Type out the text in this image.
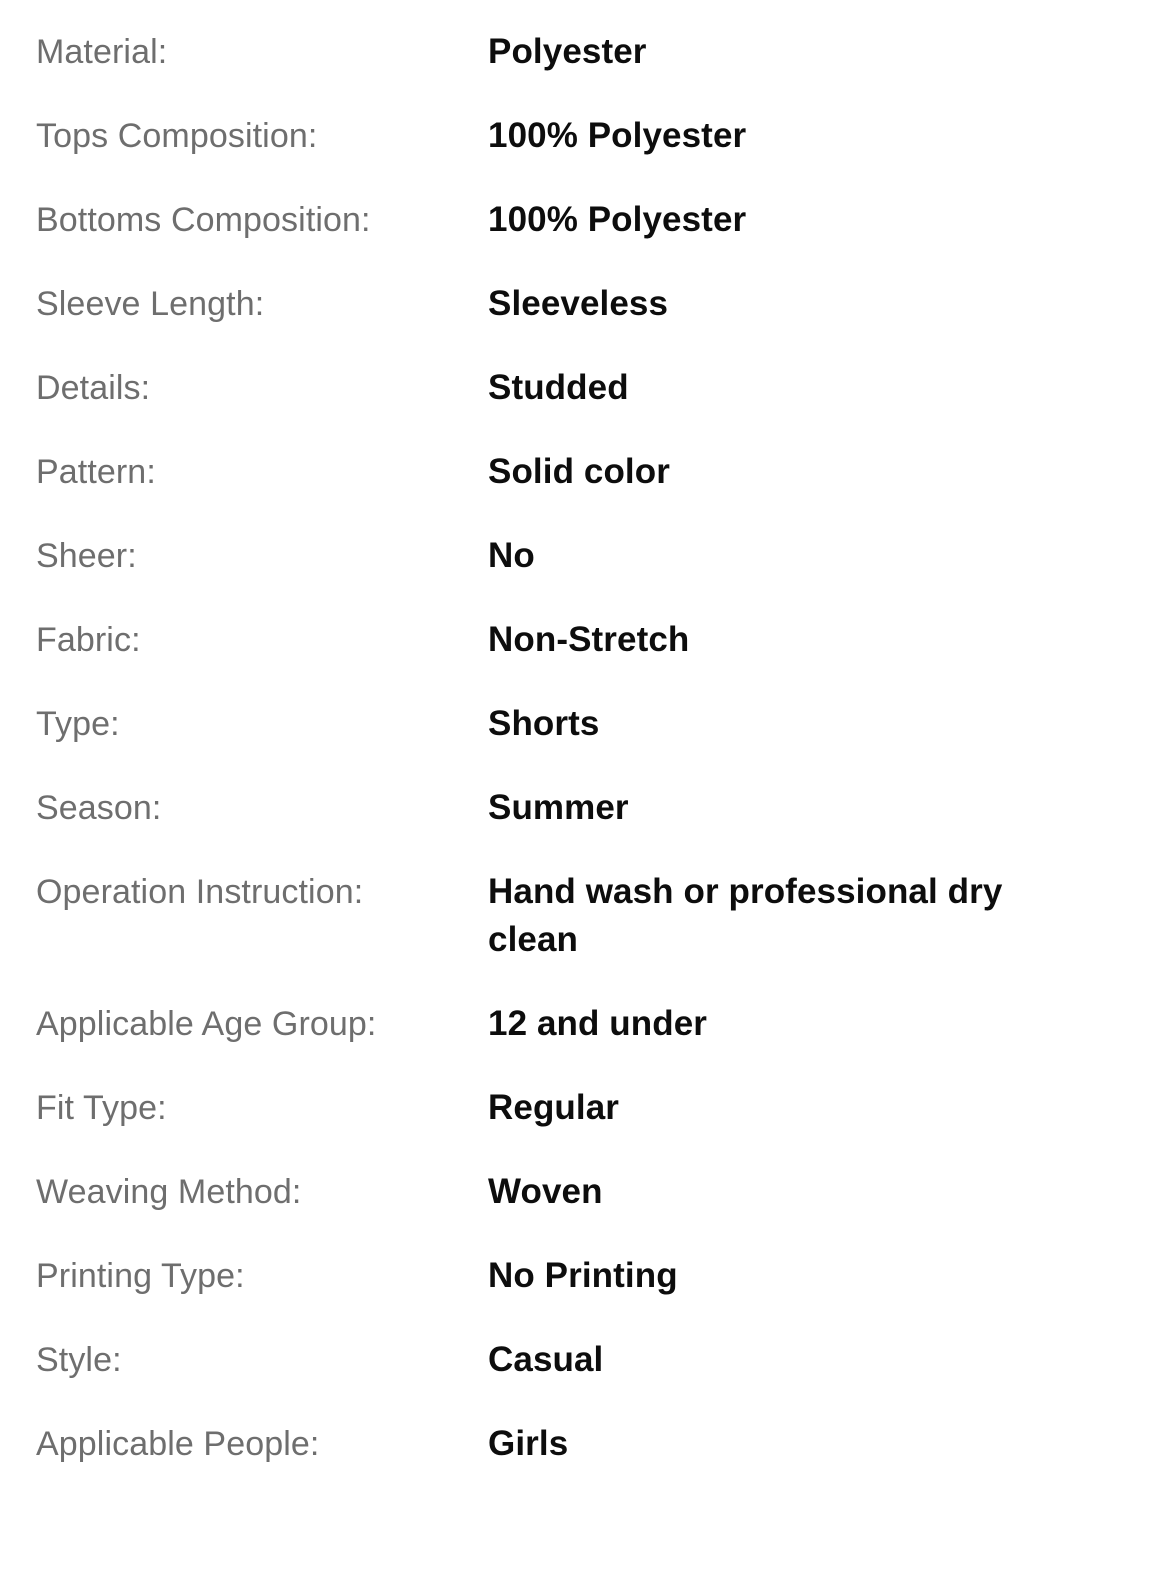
Material:	Polyester
Tops Composition:	100% Polyester
Bottoms Composition:	100% Polyester
Sleeve Length:	Sleeveless
Details:	Studded
Pattern:	Solid color
Sheer:	No
Fabric:	Non-Stretch
Type:	Shorts
Season:	Summer
Operation Instruction:	Hand wash or professional dry clean
Applicable Age Group:	12 and under
Fit Type:	Regular
Weaving Method:	Woven
Printing Type:	No Printing
Style:	Casual
Applicable People:	Girls
